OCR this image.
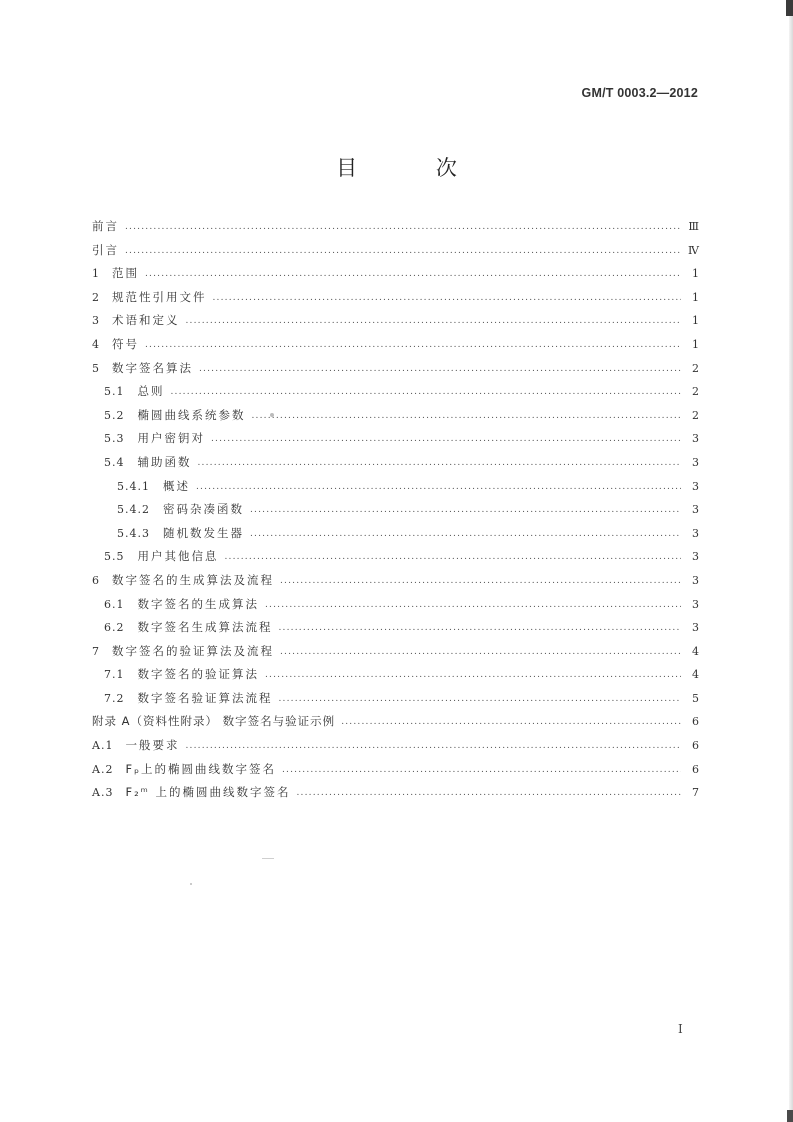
GM/T 0003.2—2012
目 次
前言 .....	Ⅲ
引言 .....	Ⅳ
1 范围 .....	1
2 规范性引用文件 .....	1
3 术语和定义 .....	1
4 符号 .....	1
5 数字签名算法 .....	2
5.1 总则 .....	2
5.2 椭圆曲线系统参数 .....	2
5.3 用户密钥对 .....	3
5.4 辅助函数 .....	3
5.4.1 概述 .....	3
5.4.2 密码杂凑函数 .....	3
5.4.3 随机数发生器 .....	3
5.5 用户其他信息 .....	3
6 数字签名的生成算法及流程 .....	3
6.1 数字签名的生成算法 .....	3
6.2 数字签名生成算法流程 .....	3
7 数字签名的验证算法及流程 .....	4
7.1 数字签名的验证算法 .....	4
7.2 数字签名验证算法流程 .....	5
附录 A（资料性附录） 数字签名与验证示例 .....	6
A.1 一般要求 .....	6
A.2 Fₚ上的椭圆曲线数字签名 .....	6
A.3 F₂ᵐ 上的椭圆曲线数字签名 .....	7
I
